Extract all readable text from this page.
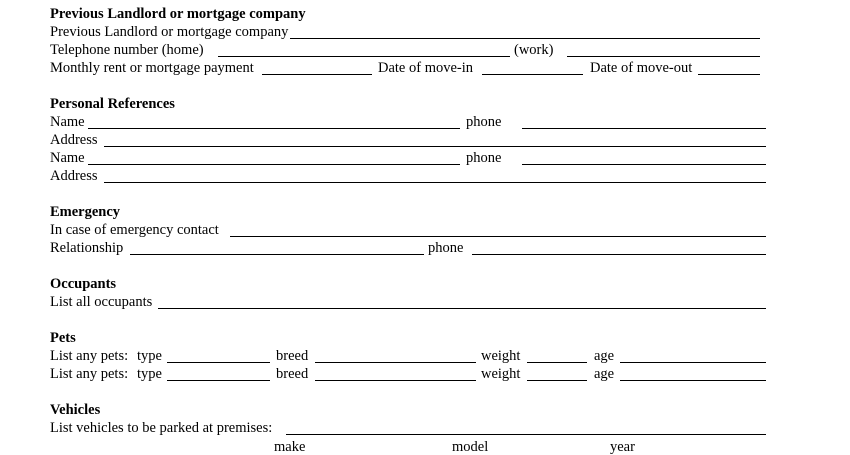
Previous Landlord or mortgage company
Previous Landlord or mortgage company
Telephone number (home)	(work)
Monthly rent or mortgage payment	Date of move-in	Date of move-out
Personal References
Name	phone
Address
Name	phone
Address
Emergency
In case of emergency contact
Relationship	phone
Occupants
List all occupants
Pets
List any pets: type	breed	weight	age
List any pets: type	breed	weight	age
Vehicles
List vehicles to be parked at premises:
make	model	year
